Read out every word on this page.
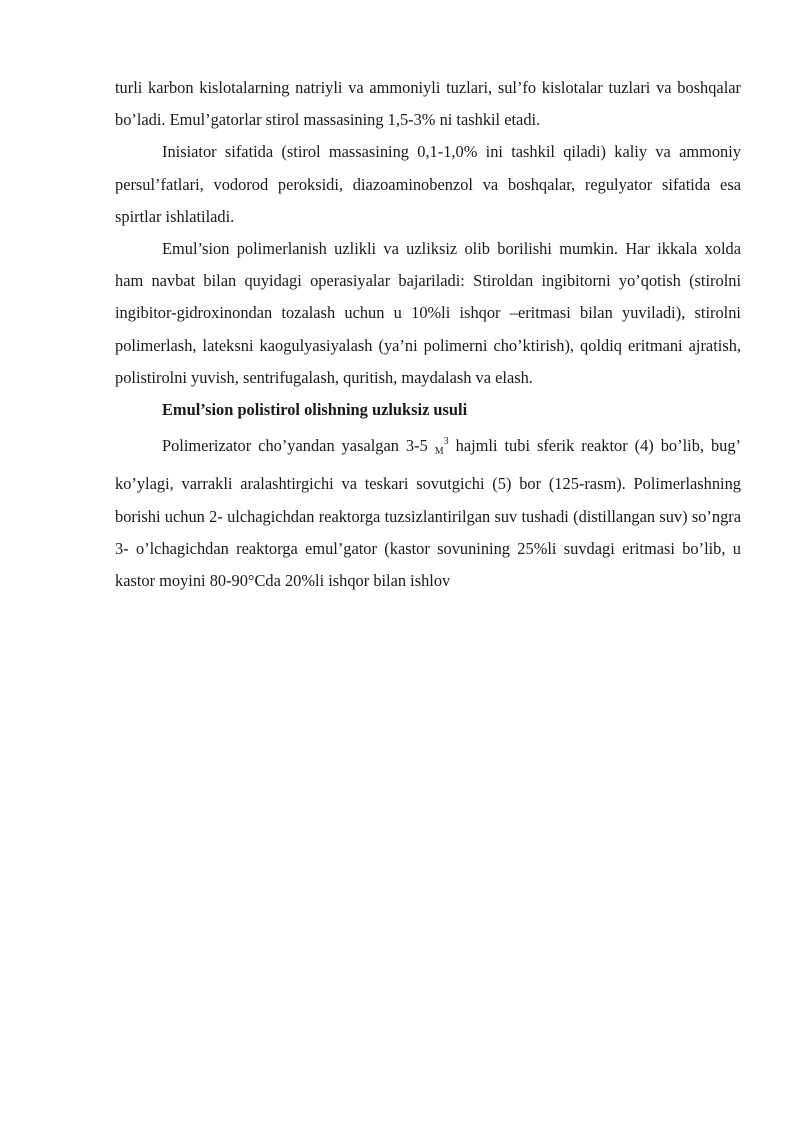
turli karbon kislotalarning natriyli va ammoniyli tuzlari, sul’fo kislotalar tuzlari va boshqalar bo’ladi. Emul’gatorlar stirol massasining 1,5-3% ni tashkil etadi.

Inisiator sifatida (stirol massasining 0,1-1,0% ini tashkil qiladi) kaliy va ammoniy persul’fatlari, vodorod peroksidi, diazoaminobenzol va boshqalar, regulyator sifatida esa spirtlar ishlatiladi.

Emul’sion polimerlanish uzlikli va uzliksiz olib borilishi mumkin. Har ikkala xolda ham navbat bilan quyidagi operasiyalar bajariladi: Stiroldan ingibitorni yo’qotish (stirolni ingibitor-gidroxinondan tozalash uchun u 10%li ishqor –eritmasi bilan yuviladi), stirolni polimerlash, lateksni kaogulyasiyalash (ya’ni polimerni cho’ktirish), qoldiq eritmani ajratish, polistirolni yuvish, sentrifugalash, quritish, maydalash va elash.

Emul’sion polistirol olishning uzluksiz usuli

Polimerizator cho’yandan yasalgan 3-5 $M^3$ hajmli tubi sferik reaktor (4) bo’lib, bug’ ko’ylagi, varrakli aralashtirgichi va teskari sovutgichi (5) bor (125-rasm). Polimerlashning borishi uchun 2- ulchagichdan reaktorga tuzsizlantirilgan suv tushadi (distillangan suv) so’ngra 3- o’lchagichdan reaktorga emul’gator (kastor sovunining 25%li suvdagi eritmasi bo’lib, u kastor moyini 80-90°Cda 20%li ishqor bilan ishlov
